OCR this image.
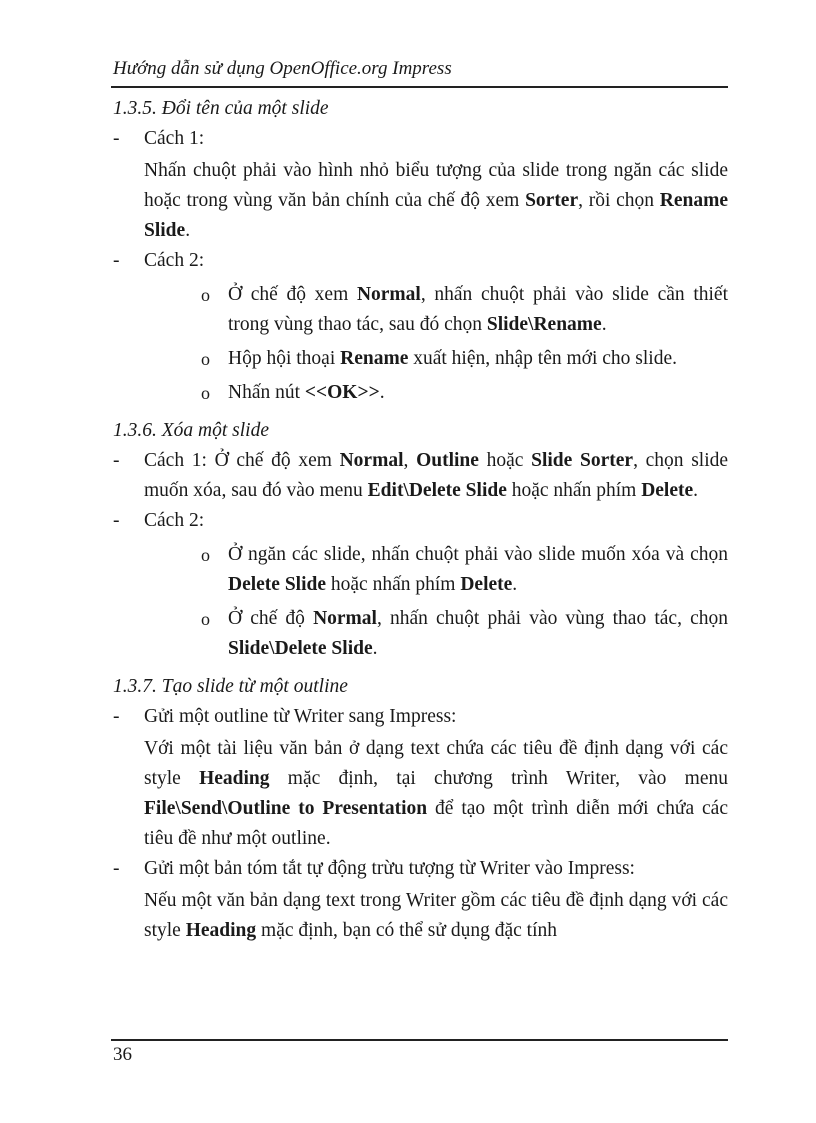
Hướng dẫn sử dụng OpenOffice.org Impress

1.3.5. Đổi tên của một slide

-	Cách 1:
Nhấn chuột phải vào hình nhỏ biểu tượng của slide trong ngăn các slide hoặc trong vùng văn bản chính của chế độ xem Sorter, rồi chọn Rename Slide.
-	Cách 2:
o Ở chế độ xem Normal, nhấn chuột phải vào slide cần thiết trong vùng thao tác, sau đó chọn Slide\Rename.
o Hộp hội thoại Rename xuất hiện, nhập tên mới cho slide.
o Nhấn nút <<OK>>.

1.3.6. Xóa một slide

-	Cách 1: Ở chế độ xem Normal, Outline hoặc Slide Sorter, chọn slide muốn xóa, sau đó vào menu Edit\Delete Slide hoặc nhấn phím Delete.
-	Cách 2:
o Ở ngăn các slide, nhấn chuột phải vào slide muốn xóa và chọn Delete Slide hoặc nhấn phím Delete.
o Ở chế độ Normal, nhấn chuột phải vào vùng thao tác, chọn Slide\Delete Slide.

1.3.7. Tạo slide từ một outline

-	Gửi một outline từ Writer sang Impress:
Với một tài liệu văn bản ở dạng text chứa các tiêu đề định dạng với các style Heading mặc định, tại chương trình Writer, vào menu File\Send\Outline to Presentation để tạo một trình diễn mới chứa các tiêu đề như một outline.
-	Gửi một bản tóm tắt tự động trừu tượng từ Writer vào Impress:
Nếu một văn bản dạng text trong Writer gồm các tiêu đề định dạng với các style Heading mặc định, bạn có thể sử dụng đặc tính
36
